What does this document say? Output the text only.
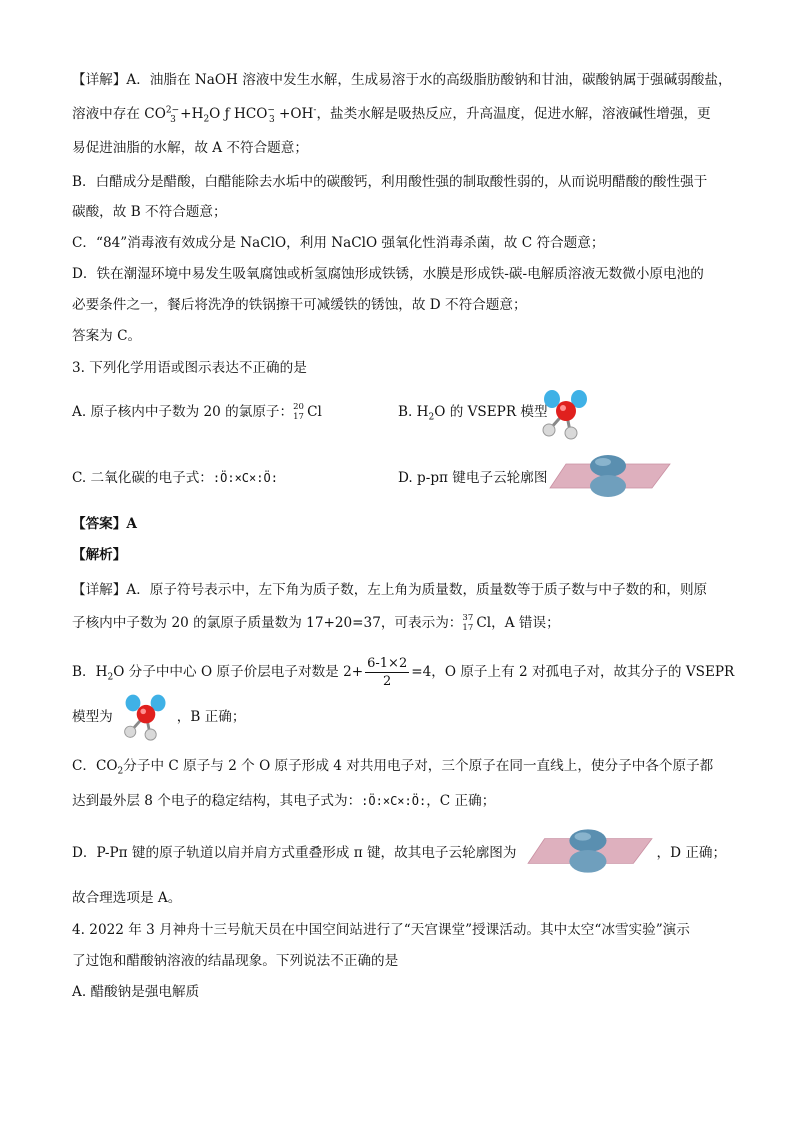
【详解】A．油脂在 NaOH 溶液中发生水解，生成易溶于水的高级脂肪酸钠和甘油，碳酸钠属于强碱弱酸盐，
溶液中存在 $CO^{2-}_3 +H_2O$ ƒ $HCO^-_3 +OH^-$，盐类水解是吸热反应，升高温度，促进水解，溶液碱性增强，更
易促进油脂的水解，故 A 不符合题意；
B．白醋成分是醋酸，白醋能除去水垢中的碳酸钙，利用酸性强的制取酸性弱的，从而说明醋酸的酸性强于
碳酸，故 B 不符合题意；
C．“84”消毒液有效成分是 NaClO，利用 NaClO 强氧化性消毒杀菌，故 C 符合题意；
D．铁在潮湿环境中易发生吸氧腐蚀或析氢腐蚀形成铁锈，水膜是形成铁-碳-电解质溶液无数微小原电池的
必要条件之一，餐后将洗净的铁锅擦干可减缓铁的锈蚀，故 D 不符合题意；
答案为 C。
3. 下列化学用语或图示表达不正确的是
A. 原子核内中子数为 20 的氯原子： 20
17 Cl	B. $H_2O$ 的 VSEPR 模型
C. 二氧化碳的电子式：:Ö:×C×:Ö:	D. p-pπ 键电子云轮廓图
【答案】A
【解析】
【详解】A．原子符号表示中，左下角为质子数，左上角为质量数，质量数等于质子数与中子数的和，则原
子核内中子数为 20 的氯原子质量数为 17+20=37，可表示为： 37
17 Cl，A 错误；
B．$H_2O$ 分子中中心 O 原子价层电子对数是 $2+ \frac{6-1\times 2}{2} =4$，O 原子上有 2 对孤电子对，故其分子的 VSEPR
模型为	，B 正确；
C．$CO_2$分子中 C 原子与 2 个 O 原子形成 4 对共用电子对，三个原子在同一直线上，使分子中各个原子都
达到最外层 8 个电子的稳定结构，其电子式为：:Ö:×C×:Ö:，C 正确；
D．P-Pπ 键的原子轨道以肩并肩方式重叠形成 π 键，故其电子云轮廓图为	，D 正确；
故合理选项是 A。
4. 2022 年 3 月神舟十三号航天员在中国空间站进行了“天宫课堂”授课活动。其中太空“冰雪实验”演示
了过饱和醋酸钠溶液的结晶现象。下列说法不正确的是
A. 醋酸钠是强电解质
